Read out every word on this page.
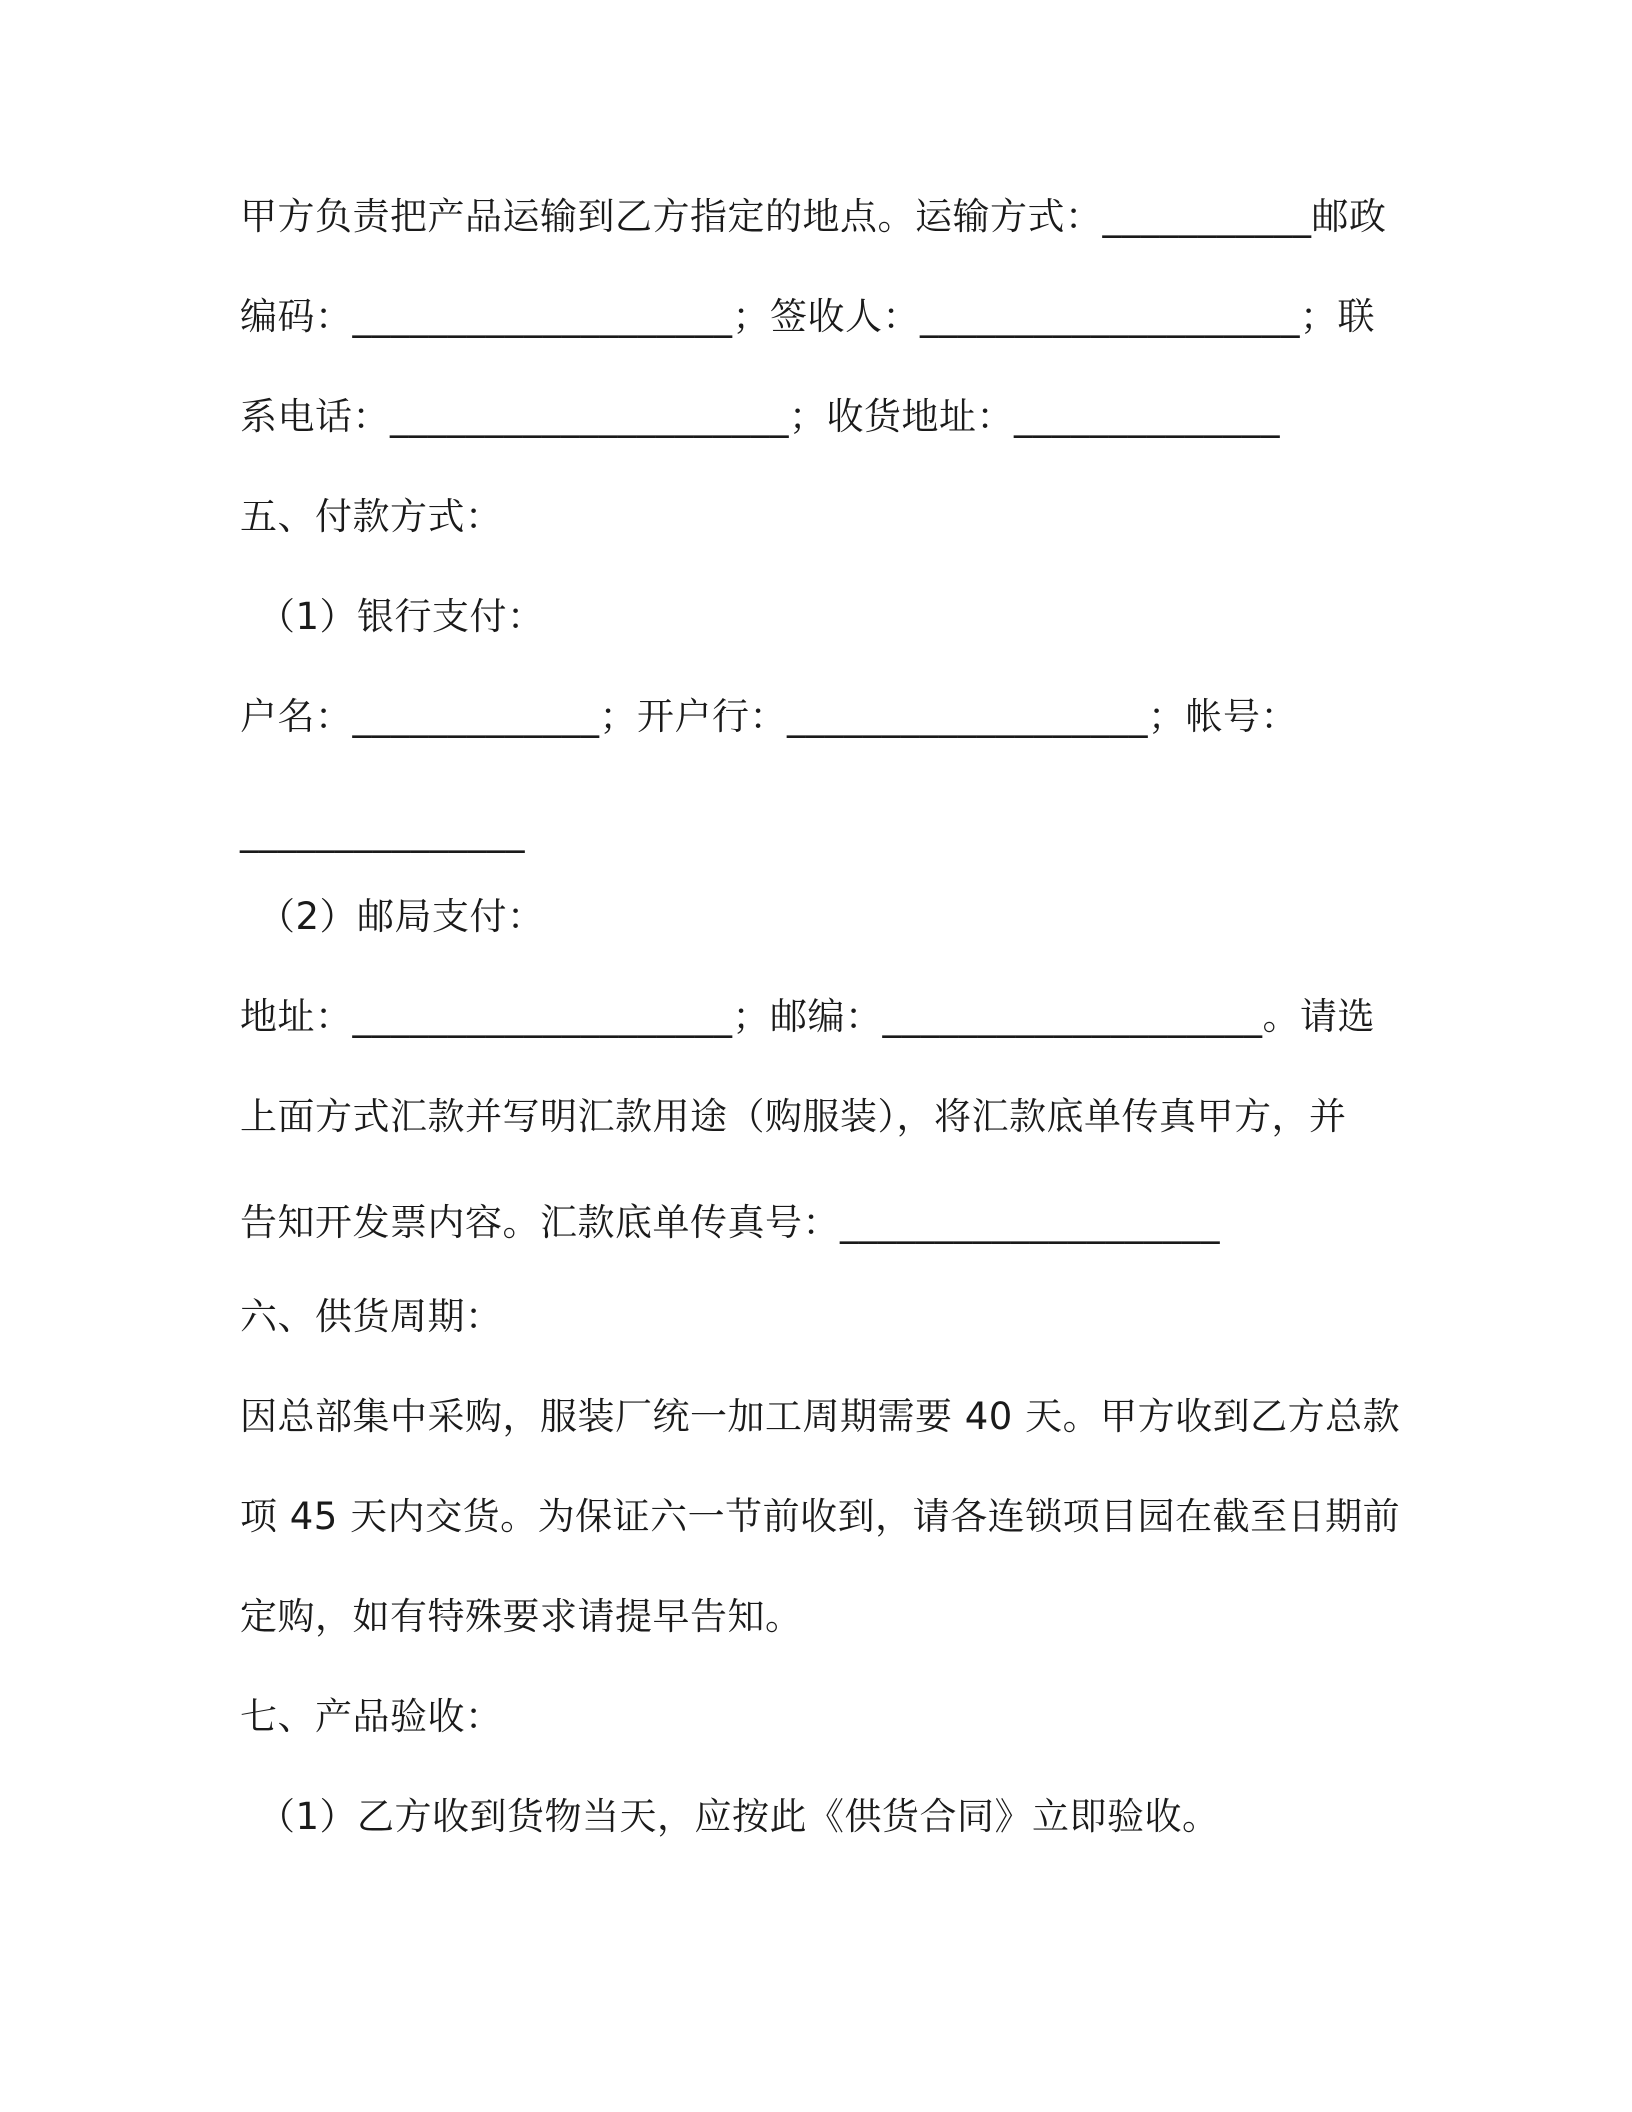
甲方负责把产品运输到乙方指定的地点。运输方式：___________邮政

编码：____________________；签收人：____________________；联

系电话：_____________________；收货地址：______________

五、付款方式：

（1）银行支付：

户名：_____________；开户行：___________________；帐号：

_______________

（2）邮局支付：

地址：____________________；邮编：____________________。请选

上面方式汇款并写明汇款用途（购服装），将汇款底单传真甲方，并

告知开发票内容。汇款底单传真号：____________________

六、供货周期：

因总部集中采购，服装厂统一加工周期需要 40 天。甲方收到乙方总款

项 45 天内交货。为保证六一节前收到，请各连锁项目园在截至日期前

定购，如有特殊要求请提早告知。

七、产品验收：

（1）乙方收到货物当天，应按此《供货合同》立即验收。
